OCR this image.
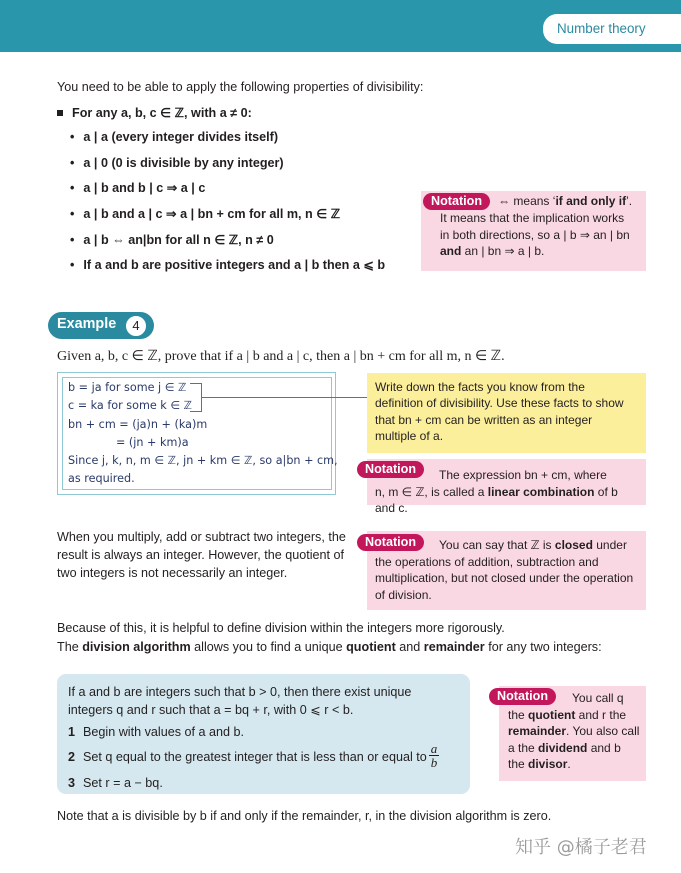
Number theory
You need to be able to apply the following properties of divisibility:
For any a, b, c ∈ ℤ, with a ≠ 0:
• a | a (every integer divides itself)
• a | 0 (0 is divisible by any integer)
• a | b and b | c ⇒ a | c
• a | b and a | c ⇒ a | bn + cm for all m, n ∈ ℤ
• a | b ⇔ an|bn for all n ∈ ℤ, n ≠ 0
• If a and b are positive integers and a | b then a ⩽ b
Notation ⇔ means ‘if and only if’.
It means that the implication works
in both directions, so a | b ⇒ an | bn
and an | bn ⇒ a | b.
Example	4
Given a, b, c ∈ ℤ, prove that if a | b and a | c, then a | bn + cm for all m, n ∈ ℤ.
b = ja for some j ∈ ℤ
c = ka for some k ∈ ℤ
bn + cm = (ja)n + (ka)m
= (jn + km)a
Since j, k, n, m ∈ ℤ, jn + km ∈ ℤ, so a|bn + cm,
as required.
Write down the facts you know from the definition of divisibility. Use these facts to show that bn + cm can be written as an integer multiple of a.
Notation	The expression bn + cm, where
n, m ∈ ℤ, is called a linear combination of b and c.
When you multiply, add or subtract two integers, the result is always an integer. However, the quotient of two integers is not necessarily an integer.
Notation	You can say that ℤ is closed under
the operations of addition, subtraction and
multiplication, but not closed under the operation
of division.
Because of this, it is helpful to define division within the integers more rigorously.
The division algorithm allows you to find a unique quotient and remainder for any two integers:
If a and b are integers such that b > 0, then there exist unique
integers q and r such that a = bq + r, with 0 ⩽ r < b.
1 Begin with values of a and b.
2 Set q equal to the greatest integer that is less than or equal to $\frac{a}{b}$
3 Set r = a − bq.
Notation	You call q
the quotient and r the
remainder. You also call
a the dividend and b
the divisor.
Note that a is divisible by b if and only if the remainder, r, in the division algorithm is zero.
知乎 @橘子老君
